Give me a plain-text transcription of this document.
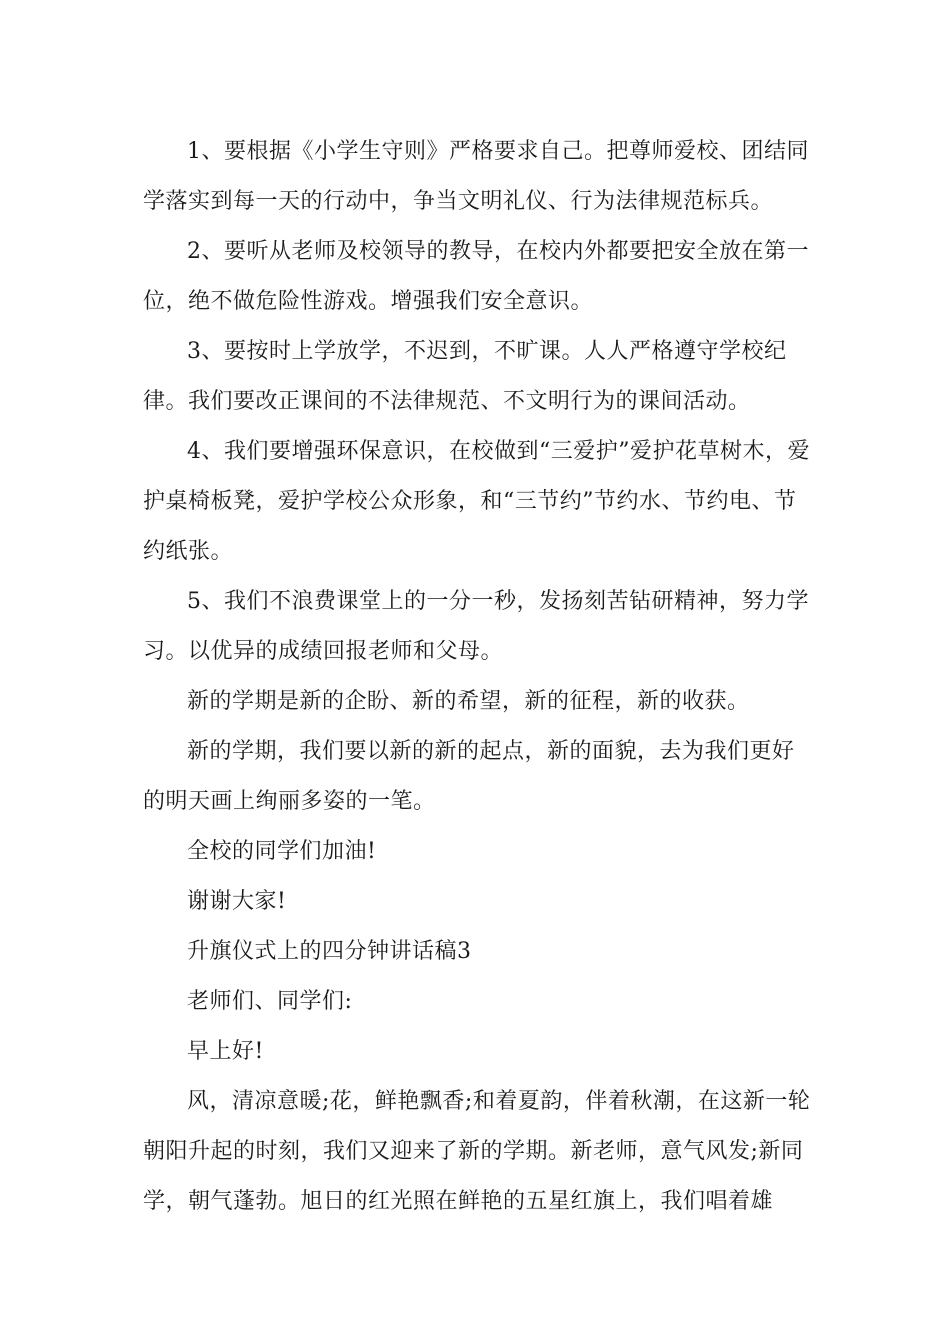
1、要根据《小学生守则》严格要求自己。把尊师爱校、团结同学落实到每一天的行动中，争当文明礼仪、行为法律规范标兵。

2、要听从老师及校领导的教导，在校内外都要把安全放在第一位，绝不做危险性游戏。增强我们安全意识。

3、要按时上学放学，不迟到，不旷课。人人严格遵守学校纪律。我们要改正课间的不法律规范、不文明行为的课间活动。

4、我们要增强环保意识，在校做到“三爱护”爱护花草树木，爱护桌椅板凳，爱护学校公众形象，和“三节约”节约水、节约电、节约纸张。

5、我们不浪费课堂上的一分一秒，发扬刻苦钻研精神，努力学习。以优异的成绩回报老师和父母。

新的学期是新的企盼、新的希望，新的征程，新的收获。

新的学期，我们要以新的新的起点，新的面貌，去为我们更好的明天画上绚丽多姿的一笔。

全校的同学们加油!

谢谢大家!

升旗仪式上的四分钟讲话稿3

老师们、同学们:

早上好!

风，清凉意暖;花，鲜艳飘香;和着夏韵，伴着秋潮，在这新一轮朝阳升起的时刻，我们又迎来了新的学期。新老师，意气风发;新同学，朝气蓬勃。旭日的红光照在鲜艳的五星红旗上，我们唱着雄
